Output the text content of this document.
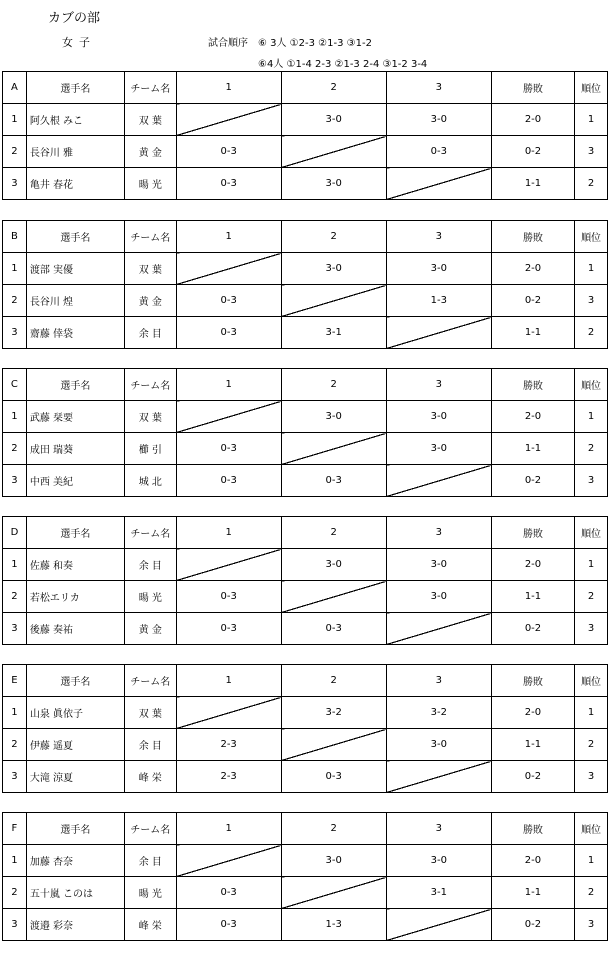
カブの部
女子	試合順序 ⑥ 3人 ①2-3 ②1-3 ③1-2
⑥4人 ①1-4 2-3 ②1-3 2-4 ③1-2 3-4
A	選手名	チーム名	1	2	3	勝敗	順位
1	阿久根 みこ	双 葉		3-0	3-0	2-0	1
2	長谷川 雅	黄 金	0-3		0-3	0-2	3
3	亀井 春花	暘 光	0-3	3-0		1-1	2
B	選手名	チーム名	1	2	3	勝敗	順位
1	渡部 実優	双 葉		3-0	3-0	2-0	1
2	長谷川 煌	黄 金	0-3		1-3	0-2	3
3	齋藤 倖袋	余 目	0-3	3-1		1-1	2
C	選手名	チーム名	1	2	3	勝敗	順位
1	武藤 栞要	双 葉		3-0	3-0	2-0	1
2	成田 瑞葵	櫛 引	0-3		3-0	1-1	2
3	中西 美紀	城 北	0-3	0-3		0-2	3
D	選手名	チーム名	1	2	3	勝敗	順位
1	佐藤 和奏	余 目		3-0	3-0	2-0	1
2	若松エリカ	暘 光	0-3		3-0	1-1	2
3	後藤 奏祐	黄 金	0-3	0-3		0-2	3
E	選手名	チーム名	1	2	3	勝敗	順位
1	山泉 眞依子	双 葉		3-2	3-2	2-0	1
2	伊藤 遥夏	余 目	2-3		3-0	1-1	2
3	大滝 涼夏	峰 栄	2-3	0-3		0-2	3
F	選手名	チーム名	1	2	3	勝敗	順位
1	加藤 杏奈	余 目		3-0	3-0	2-0	1
2	五十嵐 このは	暘 光	0-3		3-1	1-1	2
3	渡邉 彩奈	峰 栄	0-3	1-3		0-2	3
